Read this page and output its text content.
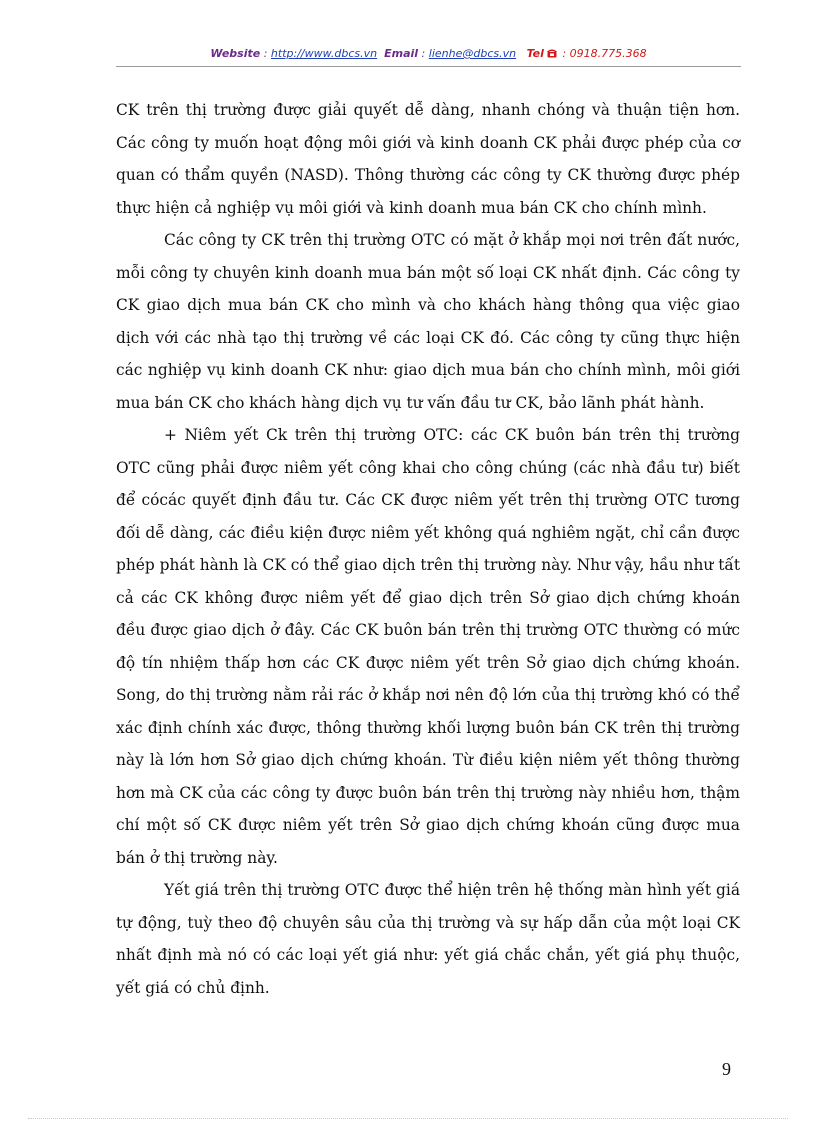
Website : http://www.dbcs.vn Email : lienhe@dbcs.vn Tel : 0918.775.368

CK trên thị trường được giải quyết dễ dàng, nhanh chóng và thuận tiện hơn. Các công ty muốn hoạt động môi giới và kinh doanh CK phải được phép của cơ quan có thẩm quyền (NASD). Thông thường các công ty CK thường được phép thực hiện cả nghiệp vụ môi giới và kinh doanh mua bán CK cho chính mình.

Các công ty CK trên thị trường OTC có mặt ở khắp mọi nơi trên đất nước, mỗi công ty chuyên kinh doanh mua bán một số loại CK nhất định. Các công ty CK giao dịch mua bán CK cho mình và cho khách hàng thông qua việc giao dịch với các nhà tạo thị trường về các loại CK đó. Các công ty cũng thực hiện các nghiệp vụ kinh doanh CK như: giao dịch mua bán cho chính mình, môi giới mua bán CK cho khách hàng dịch vụ tư vấn đầu tư CK, bảo lãnh phát hành.

+ Niêm yết Ck trên thị trường OTC: các CK buôn bán trên thị trường OTC cũng phải được niêm yết công khai cho công chúng (các nhà đầu tư) biết để cócác quyết định đầu tư. Các CK được niêm yết trên thị trường OTC tương đối dễ dàng, các điều kiện được niêm yết không quá nghiêm ngặt, chỉ cần được phép phát hành là CK có thể giao dịch trên thị trường này. Như vậy, hầu như tất cả các CK không được niêm yết để giao dịch trên Sở giao dịch chứng khoán đều được giao dịch ở đây. Các CK buôn bán trên thị trường OTC thường có mức độ tín nhiệm thấp hơn các CK được niêm yết trên Sở giao dịch chứng khoán. Song, do thị trường nằm rải rác ở khắp nơi nên độ lớn của thị trường khó có thể xác định chính xác được, thông thường khối lượng buôn bán CK trên thị trường này là lớn hơn Sở giao dịch chứng khoán. Từ điều kiện niêm yết thông thường hơn mà CK của các công ty được buôn bán trên thị trường này nhiều hơn, thậm chí một số CK được niêm yết trên Sở giao dịch chứng khoán cũng được mua bán ở thị trường này.

Yết giá trên thị trường OTC được thể hiện trên hệ thống màn hình yết giá tự động, tuỳ theo độ chuyên sâu của thị trường và sự hấp dẫn của một loại CK nhất định mà nó có các loại yết giá như: yết giá chắc chắn, yết giá phụ thuộc, yết giá có chủ định.

9
